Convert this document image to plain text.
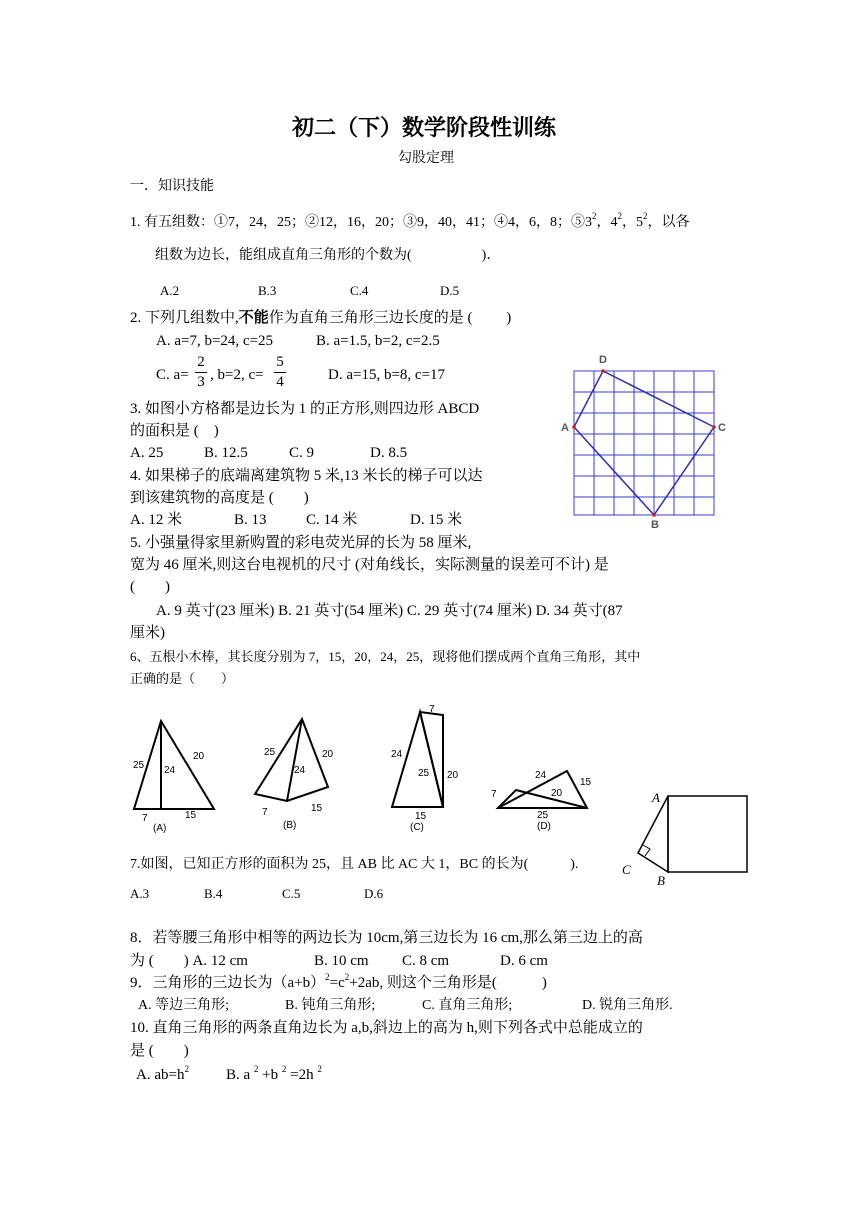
初二（下）数学阶段性训练
勾股定理
一．知识技能
1. 有五组数：①7，24，25；②12，16，20；③9，40，41；④4，6，8；$⑤3^2$，$4^2$，$5^2$，以各
组数为边长，能组成直角三角形的个数为(　　　　　)．
A.2	B.3	C.4	D.5
2. 下列几组数中,不能作为直角三角形三边长度的是 (　　 )
A. a=7, b=24, c=25	B. a=1.5, b=2, c=2.5
C. a=
2
3 , b=2, c=
5
4	D. a=15, b=8, c=17
3. 如图小方格都是边长为 1 的正方形,则四边形 ABCD
的面积是 (　)
A. 25	B. 12.5	C. 9	D. 8.5
D
A	C
B
4. 如果梯子的底端离建筑物 5 米,13 米长的梯子可以达
到该建筑物的高度是 (　　)
A. 12 米	B. 13	C. 14 米	D. 15 米
5. 小强量得家里新购置的彩电荧光屏的长为 58 厘米,
宽为 46 厘米,则这台电视机的尺寸 (对角线长，实际测量的误差可不计) 是
(　　)
A. 9 英寸(23 厘米) B. 21 英寸(54 厘米) C. 29 英寸(74 厘米) D. 34 英寸(87
厘米)
6、五根小木棒，其长度分别为 7，15，20，24，25，现将他们摆成两个直角三角形，其中
正确的是（　　）
25 24
20
7	15
(A)
25	20
24
7	15
(B)
7
24
25 20
15
(C)
24
15
7	20
25
(D)
A
C
B
7.如图，已知正方形的面积为 25，且 AB 比 AC 大 1，BC 的长为(　　　).
A.3	B.4	C.5	D.6
8．若等腰三角形中相等的两边长为 10cm,第三边长为 16 cm,那么第三边上的高
为 (　　) A. 12 cm	B. 10 cm C. 8 cm	D. 6 cm
9．三角形的三边长为$(a+b)^2=c^2+2ab$, 则这个三角形是(　　　)
A. 等边三角形;	B. 钝角三角形;	C. 直角三角形;	D. 锐角三角形.
10. 直角三角形的两条直角边长为 a,b,斜边上的高为 h,则下列各式中总能成立的
是 (　　)
A. $ab=h^2$ B. a $^2$ +b $^2$ =2h $^2$
